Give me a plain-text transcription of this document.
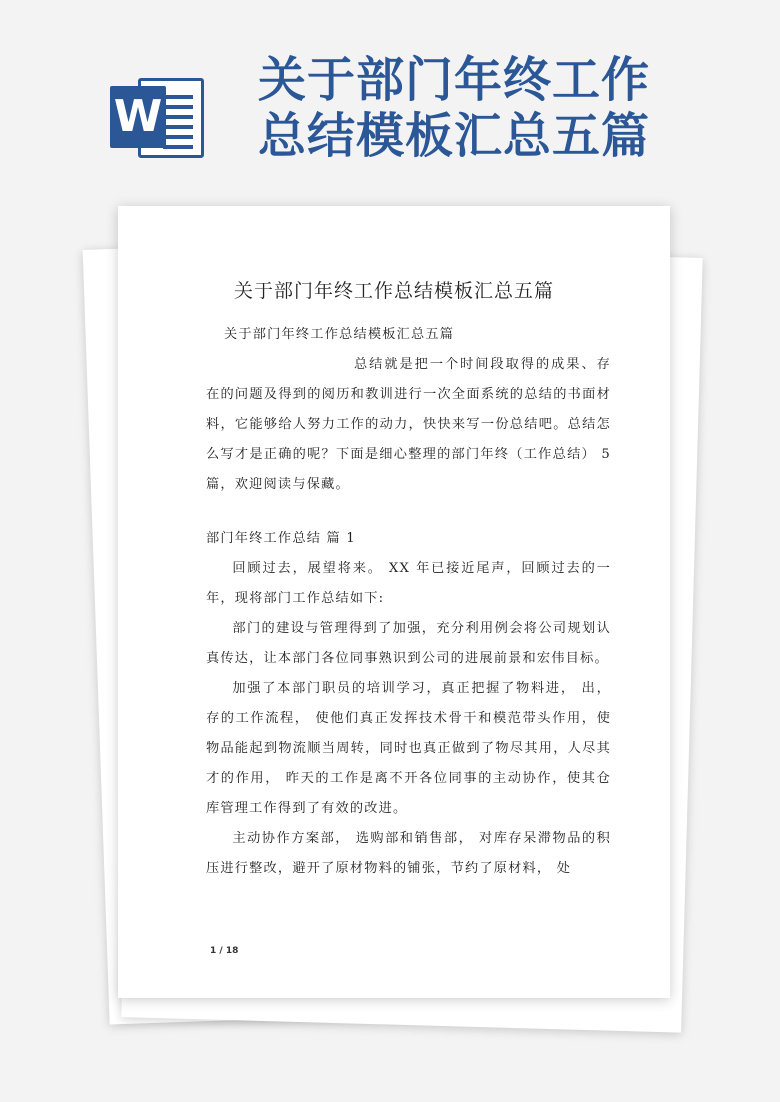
W
关于部门年终工作
总结模板汇总五篇
关于部门年终工作总结模板汇总五篇

关于部门年终工作总结模板汇总五篇

总结就是把一个时间段取得的成果、存在的问题及得到的阅历和教训进行一次全面系统的总结的书面材料，它能够给人努力工作的动力，快快来写一份总结吧。总结怎么写才是正确的呢？下面是细心整理的部门年终（工作总结） 5篇，欢迎阅读与保藏。

部门年终工作总结 篇 1

回顾过去，展望将来。 XX 年已接近尾声，回顾过去的一年，现将部门工作总结如下:

部门的建设与管理得到了加强，充分利用例会将公司规划认真传达，让本部门各位同事熟识到公司的进展前景和宏伟目标。

加强了本部门职员的培训学习，真正把握了物料进， 出，存的工作流程， 使他们真正发挥技术骨干和模范带头作用，使物品能起到物流顺当周转，同时也真正做到了物尽其用，人尽其才的作用， 昨天的工作是离不开各位同事的主动协作，使其仓库管理工作得到了有效的改进。

主动协作方案部， 选购部和销售部， 对库存呆滞物品的积压进行整改，避开了原材物料的铺张，节约了原材料， 处

1 / 18
